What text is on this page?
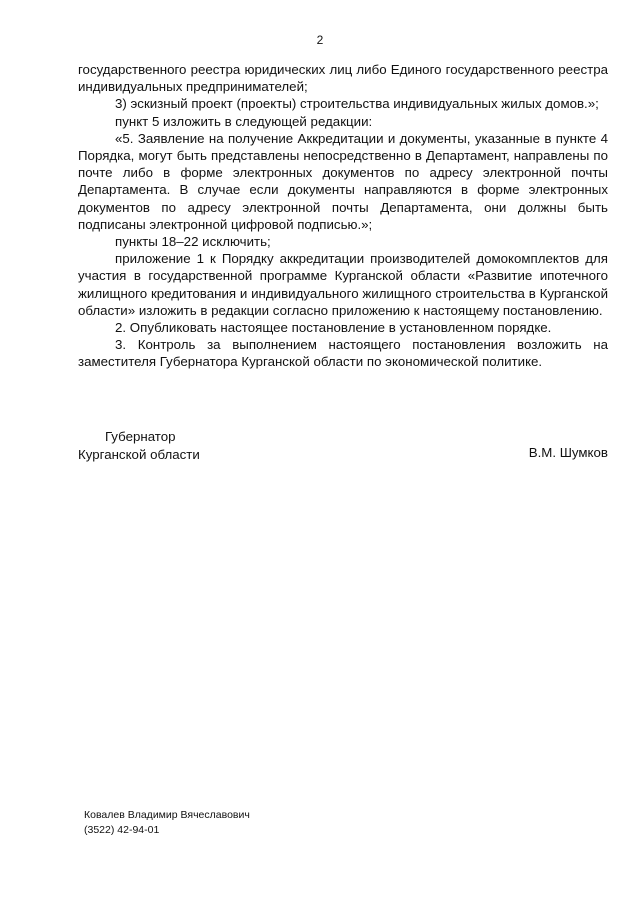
2

государственного реестра юридических лиц либо Единого государственного реестра индивидуальных предпринимателей;

3) эскизный проект (проекты) строительства индивидуальных жилых домов.»;

пункт 5 изложить в следующей редакции:

«5. Заявление на получение Аккредитации и документы, указанные в пункте 4 Порядка, могут быть представлены непосредственно в Департамент, направлены по почте либо в форме электронных документов по адресу электронной почты Департамента. В случае если документы направляются в форме электронных документов по адресу электронной почты Департамента, они должны быть подписаны электронной цифровой подписью.»;

пункты 18–22 исключить;

приложение 1 к Порядку аккредитации производителей домокомплектов для участия в государственной программе Курганской области «Развитие ипотечного жилищного кредитования и индивидуального жилищного строительства в Курганской области» изложить в редакции согласно приложению к настоящему постановлению.

2. Опубликовать настоящее постановление в установленном порядке.

3. Контроль за выполнением настоящего постановления возложить на заместителя Губернатора Курганской области по экономической политике.

Губернатор
Курганской области	В.М. Шумков
Ковалев Владимир Вячеславович
(3522) 42-94-01
